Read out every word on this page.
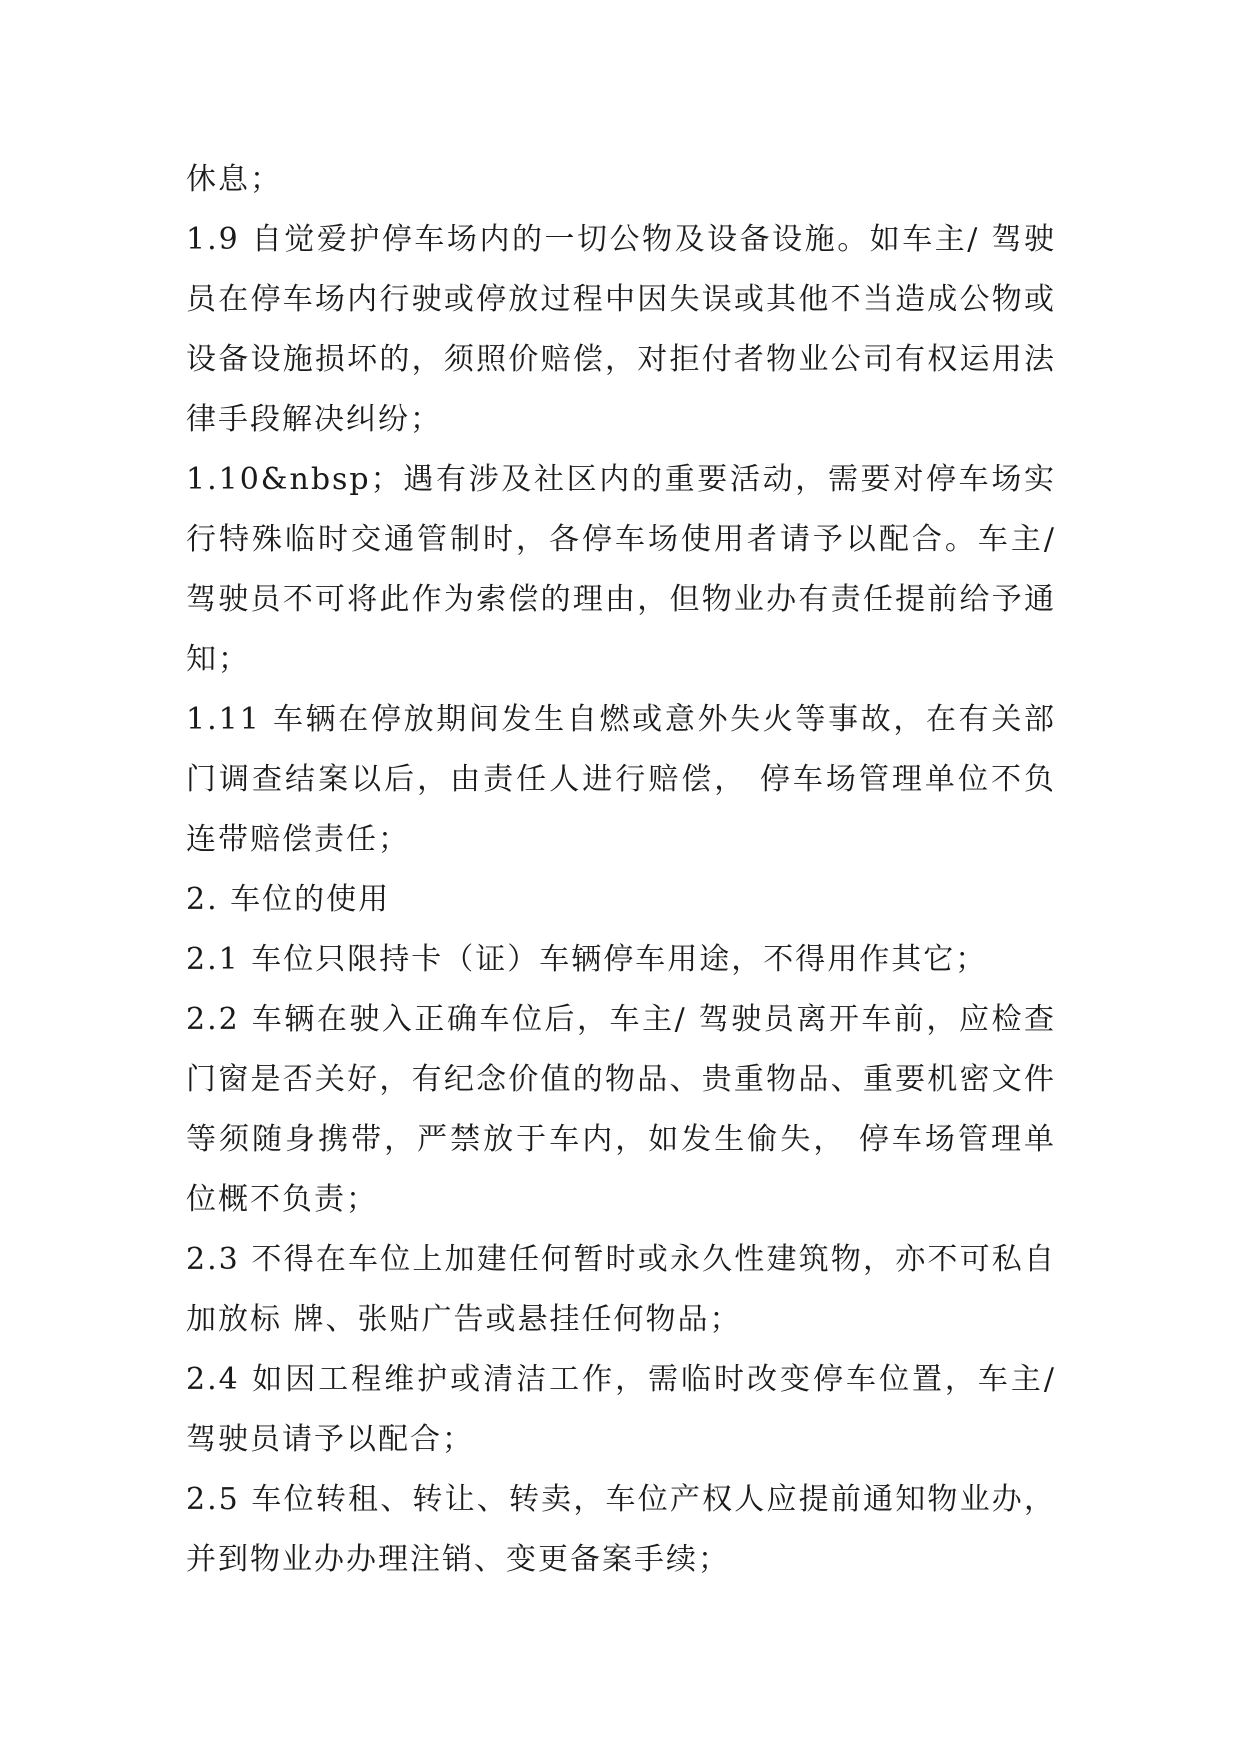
休息；

1.9 自觉爱护停车场内的一切公物及设备设施。如车主/ 驾驶员在停车场内行驶或停放过程中因失误或其他不当造成公物或设备设施损坏的，须照价赔偿，对拒付者物业公司有权运用法律手段解决纠纷；

1.10&nbsp；遇有涉及社区内的重要活动，需要对停车场实行特殊临时交通管制时，各停车场使用者请予以配合。车主/ 驾驶员不可将此作为索偿的理由，但物业办有责任提前给予通知；

1.11 车辆在停放期间发生自燃或意外失火等事故，在有关部门调查结案以后，由责任人进行赔偿， 停车场管理单位不负连带赔偿责任；

2. 车位的使用

2.1 车位只限持卡（证）车辆停车用途，不得用作其它；

2.2 车辆在驶入正确车位后，车主/ 驾驶员离开车前，应检查门窗是否关好，有纪念价值的物品、贵重物品、重要机密文件等须随身携带，严禁放于车内，如发生偷失， 停车场管理单位概不负责；

2.3 不得在车位上加建任何暂时或永久性建筑物，亦不可私自加放标 牌、张贴广告或悬挂任何物品；

2.4 如因工程维护或清洁工作，需临时改变停车位置，车主/ 驾驶员请予以配合；

2.5 车位转租、转让、转卖，车位产权人应提前通知物业办，并到物业办办理注销、变更备案手续；
